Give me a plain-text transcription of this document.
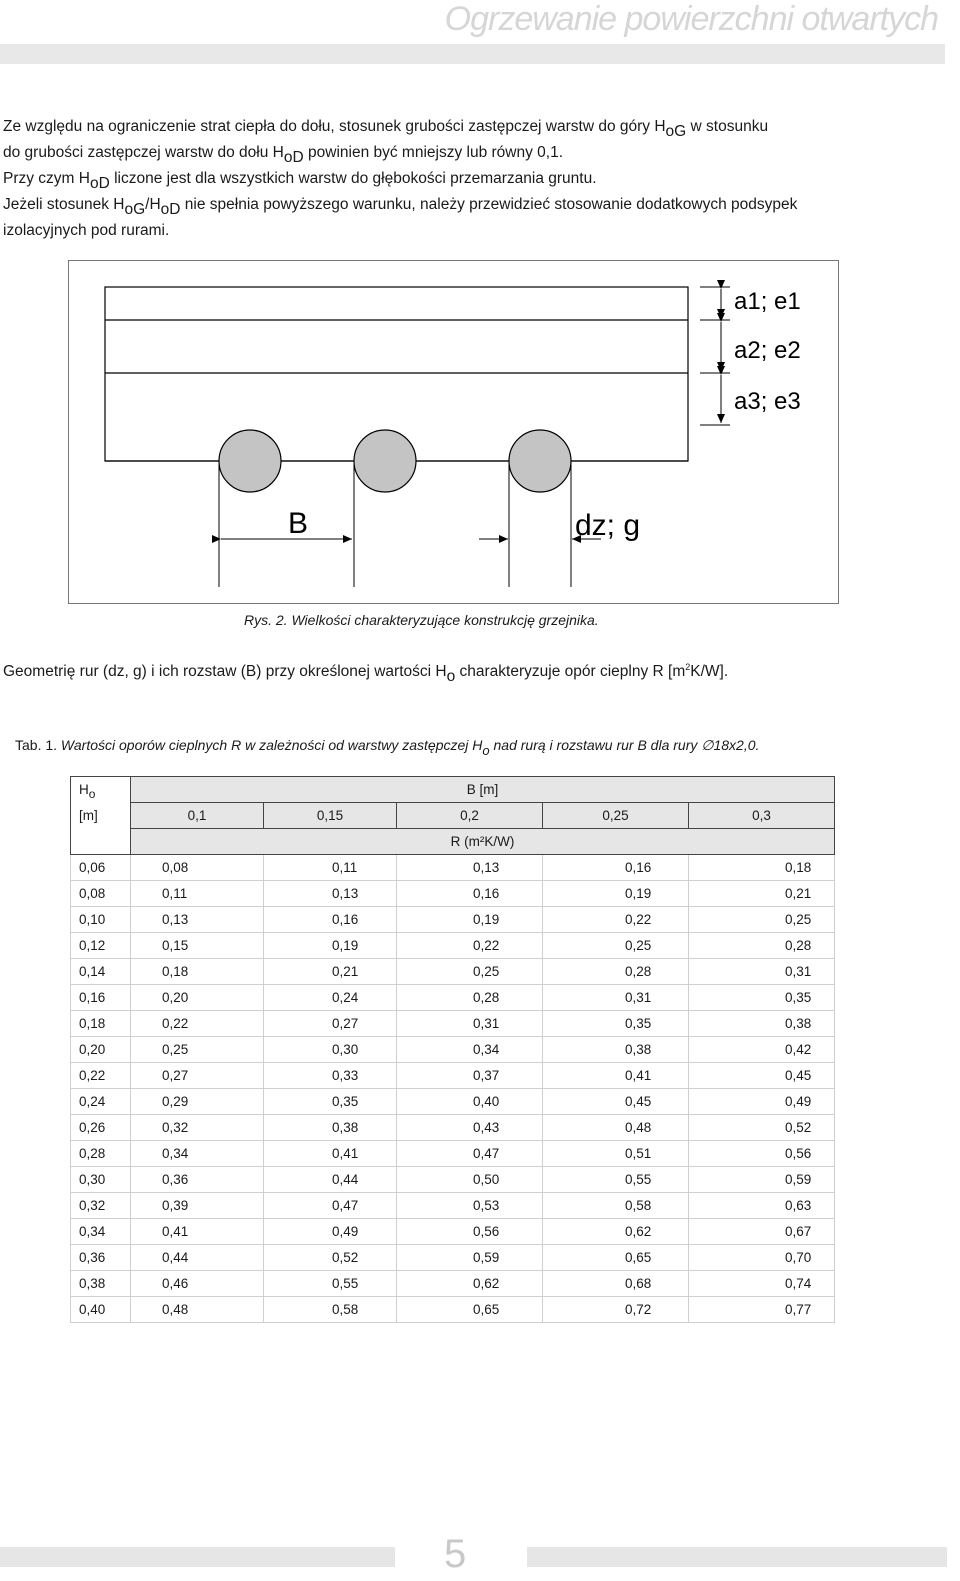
Ogrzewanie powierzchni otwartych

Ze względu na ograniczenie strat ciepła do dołu, stosunek grubości zastępczej warstw do góry HoG w stosunku

do grubości zastępczej warstw do dołu HoD powinien być mniejszy lub równy 0,1.

Przy czym HoD liczone jest dla wszystkich warstw do głębokości przemarzania gruntu.

Jeżeli stosunek HoG/HoD nie spełnia powyższego warunku, należy przewidzieć stosowanie dodatkowych podsypek

izolacyjnych pod rurami.

a1; e1
a2; e2
a3; e3
B	dz; g
Rys. 2. Wielkości charakteryzujące konstrukcję grzejnika.
Geometrię rur (dz, g) i ich rozstaw (B) przy określonej wartości Ho charakteryzuje opór cieplny R $[m^2K/W]$.
Tab. 1. Wartości oporów cieplnych R w zależności od warstwy zastępczej Ho nad rurą i rozstawu rur B dla rury ∅18x2,0.
Ho	B [m]				
[m]	0,1	0,15	0,2	0,25	0,3
	R (m²K/W)				
0,06	0,08	0,11	0,13	0,16	0,18
0,08	0,11	0,13	0,16	0,19	0,21
0,10	0,13	0,16	0,19	0,22	0,25
0,12	0,15	0,19	0,22	0,25	0,28
0,14	0,18	0,21	0,25	0,28	0,31
0,16	0,20	0,24	0,28	0,31	0,35
0,18	0,22	0,27	0,31	0,35	0,38
0,20	0,25	0,30	0,34	0,38	0,42
0,22	0,27	0,33	0,37	0,41	0,45
0,24	0,29	0,35	0,40	0,45	0,49
0,26	0,32	0,38	0,43	0,48	0,52
0,28	0,34	0,41	0,47	0,51	0,56
0,30	0,36	0,44	0,50	0,55	0,59
0,32	0,39	0,47	0,53	0,58	0,63
0,34	0,41	0,49	0,56	0,62	0,67
0,36	0,44	0,52	0,59	0,65	0,70
0,38	0,46	0,55	0,62	0,68	0,74
0,40	0,48	0,58	0,65	0,72	0,77
5
